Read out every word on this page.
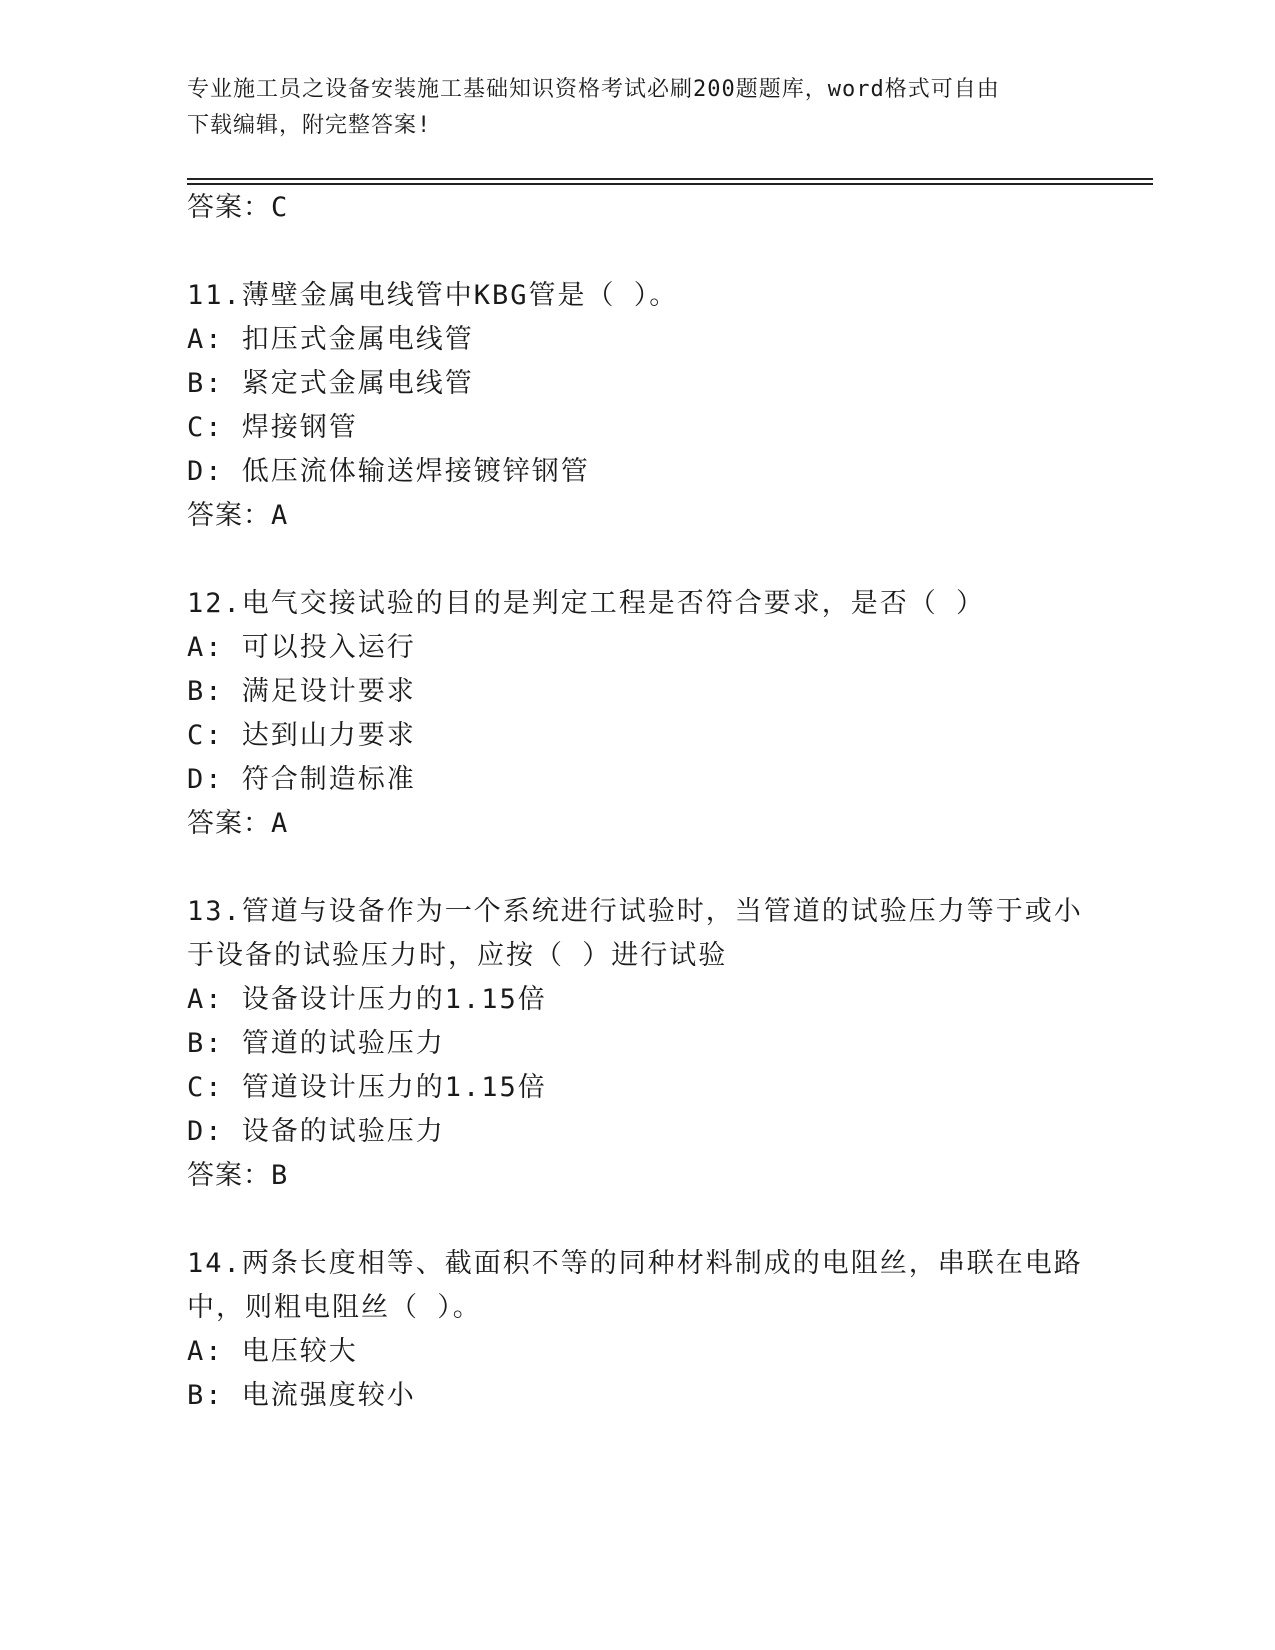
专业施工员之设备安装施工基础知识资格考试必刷200题题库，word格式可自由
下载编辑，附完整答案!
答案：C
11.薄壁金属电线管中KBG管是（ ）。
A: 扣压式金属电线管
B: 紧定式金属电线管
C: 焊接钢管
D: 低压流体输送焊接镀锌钢管
答案：A
12.电气交接试验的目的是判定工程是否符合要求，是否（ ）
A: 可以投入运行
B: 满足设计要求
C: 达到山力要求
D: 符合制造标准
答案：A
13.管道与设备作为一个系统进行试验时，当管道的试验压力等于或小
于设备的试验压力时，应按（ ）进行试验
A: 设备设计压力的1.15倍
B: 管道的试验压力
C: 管道设计压力的1.15倍
D: 设备的试验压力
答案：B
14.两条长度相等、截面积不等的同种材料制成的电阻丝，串联在电路
中，则粗电阻丝（ ）。
A: 电压较大
B: 电流强度较小
